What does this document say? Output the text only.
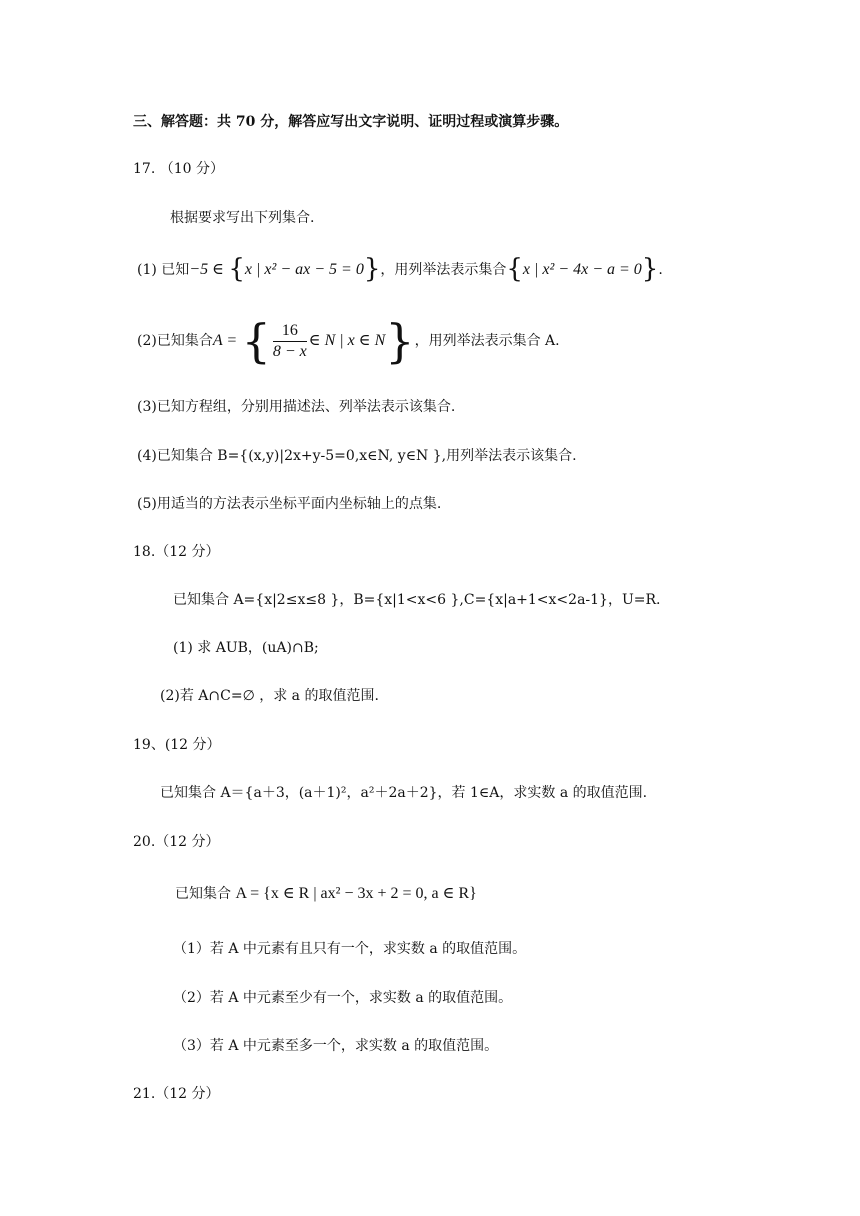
三、解答题：共 70 分，解答应写出文字说明、证明过程或演算步骤。
17. （10 分）
根据要求写出下列集合.
(1) 已知−5 ∈ {x | x² − ax − 5 = 0}，用列举法表示集合{x | x² − 4x − a = 0}.
(2)已知集合A = { $\frac{16}{8 - x}$ ∈ N | x ∈ N}，用列举法表示集合 A.
(3)已知方程组，分别用描述法、列举法表示该集合.
(4)已知集合 B={(x,y)|2x+y-5=0,x∈N, y∈N },用列举法表示该集合.
(5)用适当的方法表示坐标平面内坐标轴上的点集.
18.（12 分）
已知集合 A={x|2≤x≤8 }，B={x|1<x<6 },C={x|a+1<x<2a-1}，U=R.
(1) 求 AUB，(uA)∩B;
(2)若 A∩C=∅ ，求 a 的取值范围.
19、(12 分）
已知集合 A＝{a＋3，(a＋1)²，a²＋2a＋2}，若 1∈A，求实数 a 的取值范围.
20.（12 分）
已知集合 A = {x ∈ R | ax² − 3x + 2 = 0, a ∈ R}
（1）若 A 中元素有且只有一个，求实数 a 的取值范围。
（2）若 A 中元素至少有一个，求实数 a 的取值范围。
（3）若 A 中元素至多一个，求实数 a 的取值范围。
21.（12 分）
